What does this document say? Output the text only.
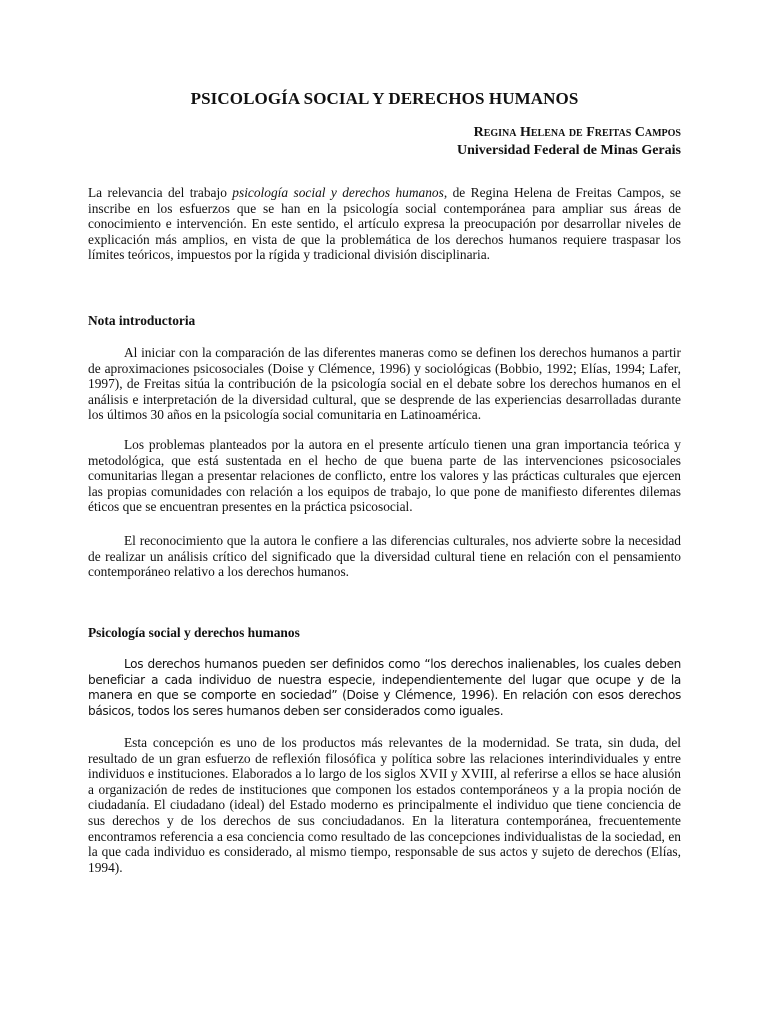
PSICOLOGÍA SOCIAL Y DERECHOS HUMANOS
Regina Helena de Freitas Campos
Universidad Federal de Minas Gerais

La relevancia del trabajo psicología social y derechos humanos, de Regina Helena de Freitas Campos, se inscribe en los esfuerzos que se han en la psicología social contemporánea para ampliar sus áreas de conocimiento e intervención. En este sentido, el artículo expresa la preocupación por desarrollar niveles de explicación más amplios, en vista de que la problemática de los derechos humanos requiere traspasar los límites teóricos, impuestos por la rígida y tradicional división disciplinaria.

Nota introductoria

Al iniciar con la comparación de las diferentes maneras como se definen los derechos humanos a partir de aproximaciones psicosociales (Doise y Clémence, 1996) y sociológicas (Bobbio, 1992; Elías, 1994; Lafer, 1997), de Freitas sitúa la contribución de la psicología social en el debate sobre los derechos humanos en el análisis e interpretación de la diversidad cultural, que se desprende de las experiencias desarrolladas durante los últimos 30 años en la psicología social comunitaria en Latinoamérica.

Los problemas planteados por la autora en el presente artículo tienen una gran importancia teórica y metodológica, que está sustentada en el hecho de que buena parte de las intervenciones psicosociales comunitarias llegan a presentar relaciones de conflicto, entre los valores y las prácticas culturales que ejercen las propias comunidades con relación a los equipos de trabajo, lo que pone de manifiesto diferentes dilemas éticos que se encuentran presentes en la práctica psicosocial.

El reconocimiento que la autora le confiere a las diferencias culturales, nos advierte sobre la necesidad de realizar un análisis crítico del significado que la diversidad cultural tiene en relación con el pensamiento contemporáneo relativo a los derechos humanos.

Psicología social y derechos humanos

Los derechos humanos pueden ser definidos como “los derechos inalienables, los cuales deben beneficiar a cada individuo de nuestra especie, independientemente del lugar que ocupe y de la manera en que se comporte en sociedad” (Doise y Clémence, 1996). En relación con esos derechos básicos, todos los seres humanos deben ser considerados como iguales.

Esta concepción es uno de los productos más relevantes de la modernidad. Se trata, sin duda, del resultado de un gran esfuerzo de reflexión filosófica y política sobre las relaciones interindividuales y entre individuos e instituciones. Elaborados a lo largo de los siglos XVII y XVIII, al referirse a ellos se hace alusión a organización de redes de instituciones que componen los estados contemporáneos y a la propia noción de ciudadanía. El ciudadano (ideal) del Estado moderno es principalmente el individuo que tiene conciencia de sus derechos y de los derechos de sus conciudadanos. En la literatura contemporánea, frecuentemente encontramos referencia a esa conciencia como resultado de las concepciones individualistas de la sociedad, en la que cada individuo es considerado, al mismo tiempo, responsable de sus actos y sujeto de derechos (Elías, 1994).
